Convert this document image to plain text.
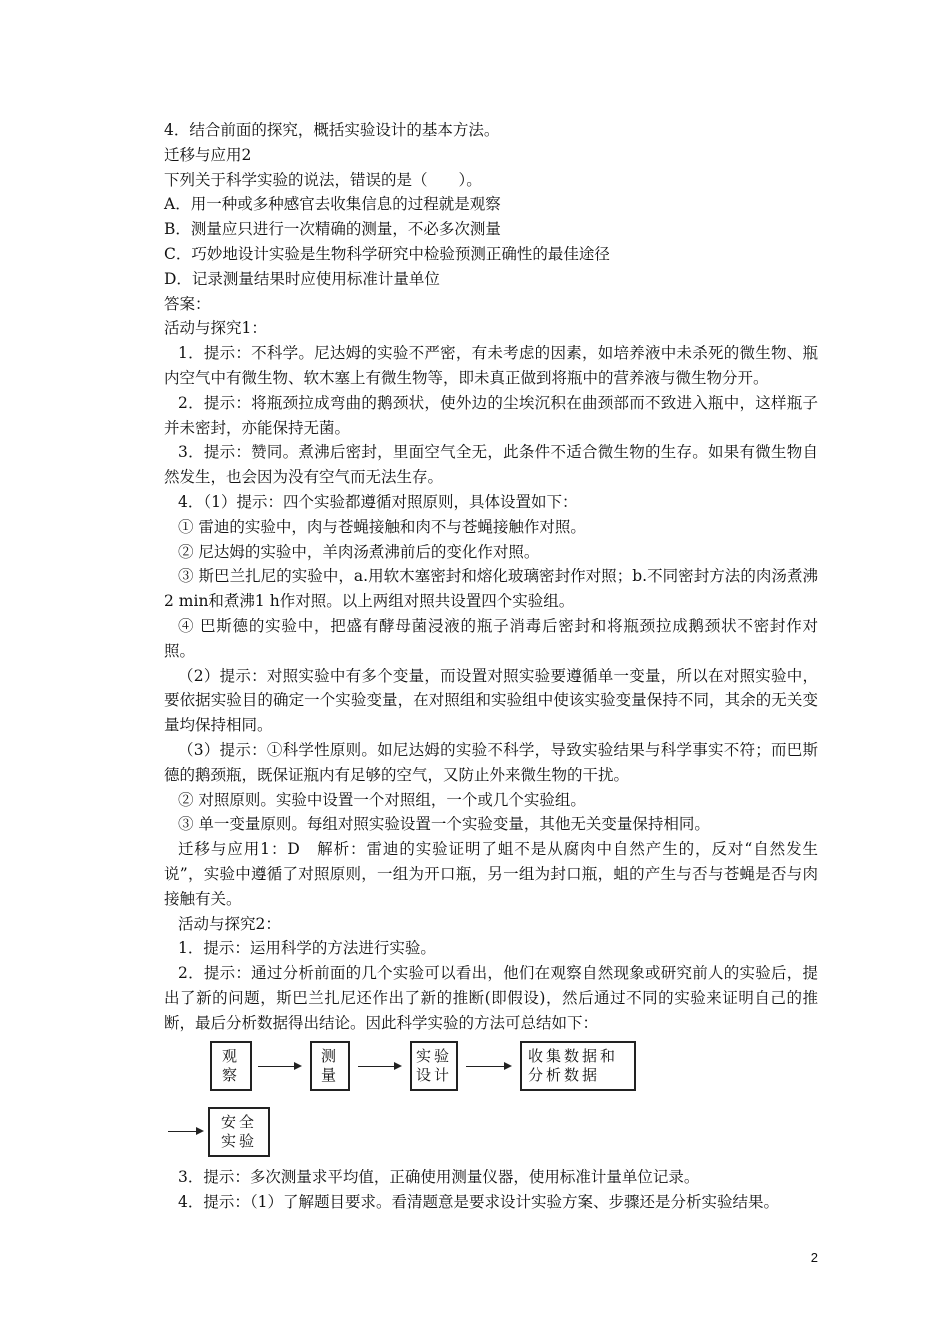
4．结合前面的探究，概括实验设计的基本方法。
迁移与应用2
下列关于科学实验的说法，错误的是（　　）。
A．用一种或多种感官去收集信息的过程就是观察
B．测量应只进行一次精确的测量，不必多次测量
C．巧妙地设计实验是生物科学研究中检验预测正确性的最佳途径
D．记录测量结果时应使用标准计量单位
答案：
活动与探究1：
1．提示：不科学。尼达姆的实验不严密，有未考虑的因素，如培养液中未杀死的微生物、瓶内空气中有微生物、软木塞上有微生物等，即未真正做到将瓶中的营养液与微生物分开。
2．提示：将瓶颈拉成弯曲的鹅颈状，使外边的尘埃沉积在曲颈部而不致进入瓶中，这样瓶子并未密封，亦能保持无菌。
3．提示：赞同。煮沸后密封，里面空气全无，此条件不适合微生物的生存。如果有微生物自然发生，也会因为没有空气而无法生存。
4．（1）提示：四个实验都遵循对照原则，具体设置如下：
① 雷迪的实验中，肉与苍蝇接触和肉不与苍蝇接触作对照。
② 尼达姆的实验中，羊肉汤煮沸前后的变化作对照。
③ 斯巴兰扎尼的实验中，a.用软木塞密封和熔化玻璃密封作对照；b.不同密封方法的肉汤煮沸2 min和煮沸1 h作对照。以上两组对照共设置四个实验组。
④ 巴斯德的实验中，把盛有酵母菌浸液的瓶子消毒后密封和将瓶颈拉成鹅颈状不密封作对照。
（2）提示：对照实验中有多个变量，而设置对照实验要遵循单一变量，所以在对照实验中，要依据实验目的确定一个实验变量，在对照组和实验组中使该实验变量保持不同，其余的无关变量均保持相同。
（3）提示：①科学性原则。如尼达姆的实验不科学，导致实验结果与科学事实不符；而巴斯德的鹅颈瓶，既保证瓶内有足够的空气，又防止外来微生物的干扰。
② 对照原则。实验中设置一个对照组，一个或几个实验组。
③ 单一变量原则。每组对照实验设置一个实验变量，其他无关变量保持相同。
迁移与应用1：D　解析：雷迪的实验证明了蛆不是从腐肉中自然产生的，反对“自然发生说”，实验中遵循了对照原则，一组为开口瓶，另一组为封口瓶，蛆的产生与否与苍蝇是否与肉接触有关。
活动与探究2：
1．提示：运用科学的方法进行实验。
2．提示：通过分析前面的几个实验可以看出，他们在观察自然现象或研究前人的实验后，提出了新的问题，斯巴兰扎尼还作出了新的推断(即假设)，然后通过不同的实验来证明自己的推断，最后分析数据得出结论。因此科学实验的方法可总结如下：
观
察
测
量
实验
设计
收集数据和
分析数据
安全
实验
3．提示：多次测量求平均值，正确使用测量仪器，使用标准计量单位记录。
4．提示：（1）了解题目要求。看清题意是要求设计实验方案、步骤还是分析实验结果。
2
